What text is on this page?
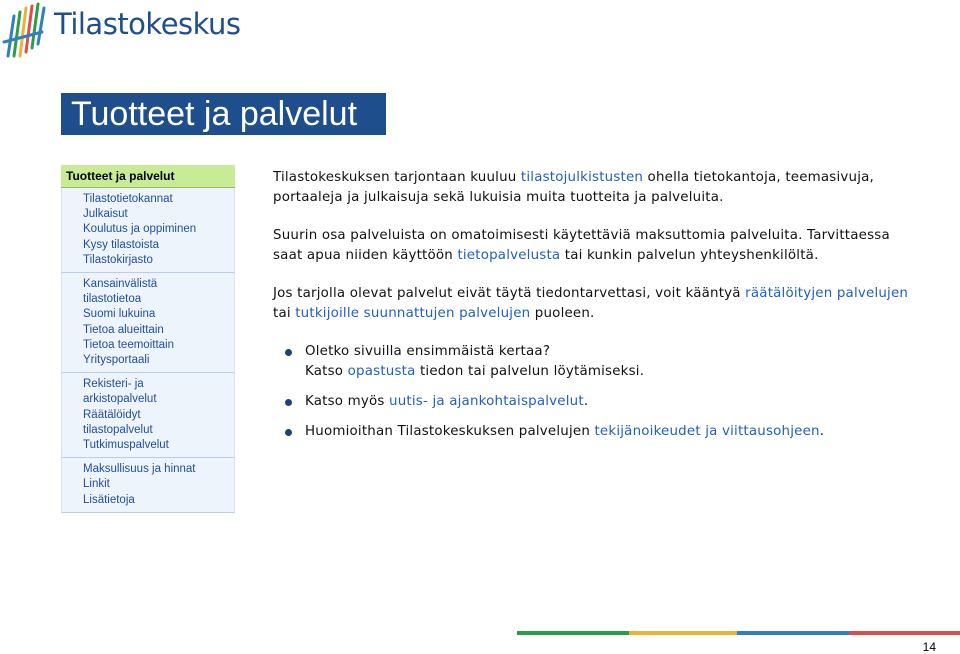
Tilastokeskus
Tuotteet ja palvelut
Tuotteet ja palvelut
Tilastotietokannat
Julkaisut
Koulutus ja oppiminen
Kysy tilastoista
Tilastokirjasto
Kansainvälistä
tilastotietoa
Suomi lukuina
Tietoa alueittain
Tietoa teemoittain
Yritysportaali
Rekisteri- ja
arkistopalvelut
Räätälöidyt
tilastopalvelut
Tutkimuspalvelut
Maksullisuus ja hinnat
Linkit
Lisätietoja

Tilastokeskuksen tarjontaan kuuluu tilastojulkistusten ohella tietokantoja, teemasivuja, portaaleja ja julkaisuja sekä lukuisia muita tuotteita ja palveluita.

Suurin osa palveluista on omatoimisesti käytettäviä maksuttomia palveluita. Tarvittaessa saat apua niiden käyttöön tietopalvelusta tai kunkin palvelun yhteyshenkilöltä.

Jos tarjolla olevat palvelut eivät täytä tiedontarvettasi, voit kääntyä räätälöityjen palvelujen tai tutkijoille suunnattujen palvelujen puoleen.

Oletko sivuilla ensimmäistä kertaa?
Katso opastusta tiedon tai palvelun löytämiseksi.
Katso myös uutis- ja ajankohtaispalvelut.
Huomioithan Tilastokeskuksen palvelujen tekijänoikeudet ja viittausohjeen.
14
